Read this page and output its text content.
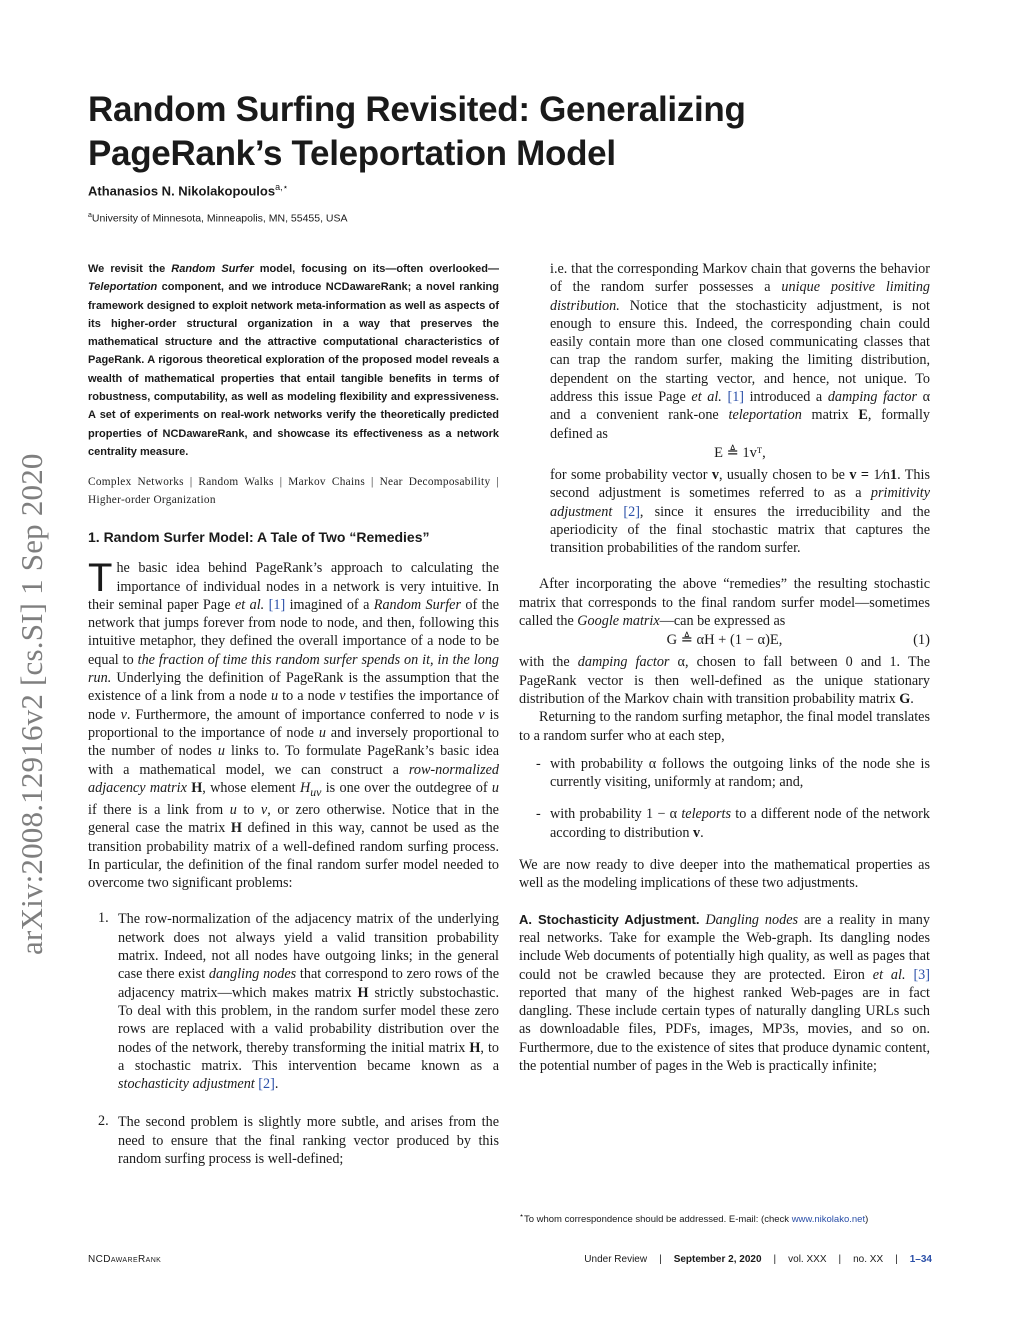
arXiv:2008.12916v2 [cs.SI] 1 Sep 2020
Random Surfing Revisited: Generalizing PageRank’s Teleportation Model
Athanasios N. Nikolakopoulos$^{a,⋆}$
$^a$University of Minnesota, Minneapolis, MN, 55455, USA

We revisit the Random Surfer model, focusing on its—often overlooked—Teleportation component, and we introduce NCDawareRank; a novel ranking framework designed to exploit network meta-information as well as aspects of its higher-order structural organization in a way that preserves the mathematical structure and the attractive computational characteristics of PageRank. A rigorous theoretical exploration of the proposed model reveals a wealth of mathematical properties that entail tangible benefits in terms of robustness, computability, as well as modeling flexibility and expressiveness. A set of experiments on real-work networks verify the theoretically predicted properties of NCDawareRank, and showcase its effectiveness as a network centrality measure.

Complex Networks | Random Walks | Markov Chains | Near Decomposability | Higher-order Organization
1. Random Surfer Model: A Tale of Two “Remedies”

The basic idea behind PageRank’s approach to calculating the importance of individual nodes in a network is very intuitive. In their seminal paper Page et al. [1] imagined of a Random Surfer of the network that jumps forever from node to node, and then, following this intuitive metaphor, they defined the overall importance of a node to be equal to the fraction of time this random surfer spends on it, in the long run. Underlying the definition of PageRank is the assumption that the existence of a link from a node u to a node v testifies the importance of node v. Furthermore, the amount of importance conferred to node v is proportional to the importance of node u and inversely proportional to the number of nodes u links to. To formulate PageRank’s basic idea with a mathematical model, we can construct a row-normalized adjacency matrix H, whose element $H_{uv}$ is one over the outdegree of u if there is a link from u to v, or zero otherwise. Notice that in the general case the matrix H defined in this way, cannot be used as the transition probability matrix of a well-defined random surfing process. In particular, the definition of the final random surfer model needed to overcome two significant problems:

1. The row-normalization of the adjacency matrix of the underlying network does not always yield a valid transition probability matrix. Indeed, not all nodes have outgoing links; in the general case there exist dangling nodes that correspond to zero rows of the adjacency matrix—which makes matrix H strictly substochastic. To deal with this problem, in the random surfer model these zero rows are replaced with a valid probability distribution over the nodes of the network, thereby transforming the initial matrix H, to a stochastic matrix. This intervention became known as a stochasticity adjustment [2].

2. The second problem is slightly more subtle, and arises from the need to ensure that the final ranking vector produced by this random surfing process is well-defined;

i.e. that the corresponding Markov chain that governs the behavior of the random surfer possesses a unique positive limiting distribution. Notice that the stochasticity adjustment, is not enough to ensure this. Indeed, the corresponding chain could easily contain more than one closed communicating classes that can trap the random surfer, making the limiting distribution, dependent on the starting vector, and hence, not unique. To address this issue Page et al. [1] introduced a damping factor α and a convenient rank-one teleportation matrix E, formally defined as

E ≜ 1vᵀ,

for some probability vector v, usually chosen to be v = 1⁄n1. This second adjustment is sometimes referred to as a primitivity adjustment [2], since it ensures the irreducibility and the aperiodicity of the final stochastic matrix that captures the transition probabilities of the random surfer.

After incorporating the above “remedies” the resulting stochastic matrix that corresponds to the final random surfer model—sometimes called the Google matrix—can be expressed as

G ≜ αH + (1 − α)E,	(1)

with the damping factor α, chosen to fall between 0 and 1. The PageRank vector is then well-defined as the unique stationary distribution of the Markov chain with transition probability matrix G.

Returning to the random surfing metaphor, the final model translates to a random surfer who at each step,

- with probability α follows the outgoing links of the node she is currently visiting, uniformly at random; and,

- with probability 1 − α teleports to a different node of the network according to distribution v.

We are now ready to dive deeper into the mathematical properties as well as the modeling implications of these two adjustments.

A. Stochasticity Adjustment. Dangling nodes are a reality in many real networks. Take for example the Web-graph. Its dangling nodes include Web documents of potentially high quality, as well as pages that could not be crawled because they are protected. Eiron et al. [3] reported that many of the highest ranked Web-pages are in fact dangling. These include certain types of naturally dangling URLs such as downloadable files, PDFs, images, MP3s, movies, and so on. Furthermore, due to the existence of sites that produce dynamic content, the potential number of pages in the Web is practically infinite;

⋆To whom correspondence should be addressed. E-mail: (check www.nikolako.net)
NCDawareRank	Under Review | September 2, 2020 | vol. XXX | no. XX | 1–34
